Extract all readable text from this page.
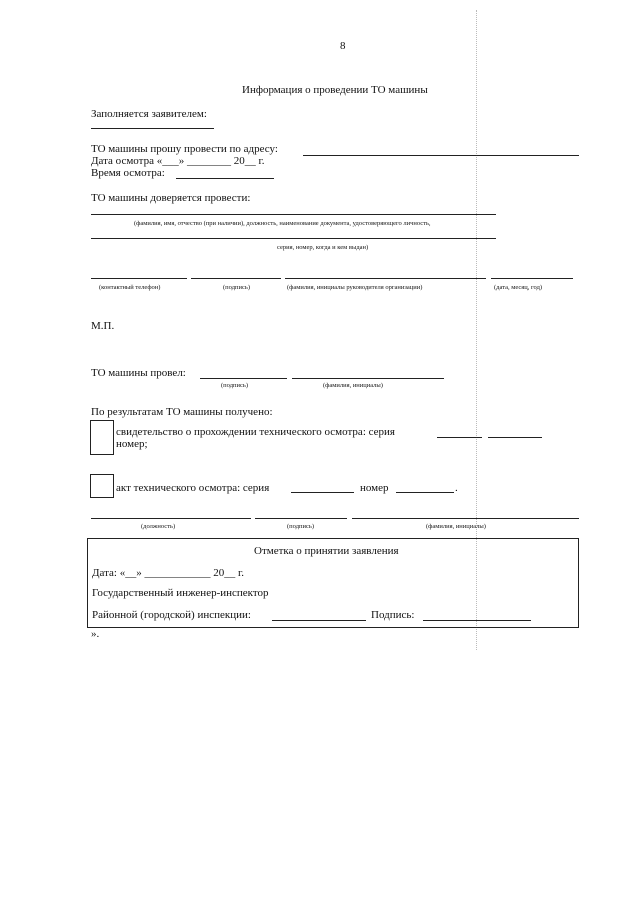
8
Информация о проведении ТО машины
Заполняется заявителем:
ТО машины прошу провести по адресу:
Дата осмотра «___» ________ 20__ г.
Время осмотра:
ТО машины доверяется провести:
(фамилия, имя, отчество (при наличии), должность, наименование документа, удостоверяющего личность,
серия, номер, когда и кем выдан)
(контактный телефон)	(подпись)	(фамилия, инициалы руководителя организации)	(дата, месяц, год)
М.П.
ТО машины провел:
(подпись)	(фамилия, инициалы)
По результатам ТО машины получено:
свидетельство о прохождении технического осмотра: серия
номер;
акт технического осмотра: серия	номер	.
(должность)	(подпись)	(фамилия, инициалы)
Отметка о принятии заявления
Дата: «__» ____________ 20__ г.
Государственный инженер-инспектор
Районной (городской) инспекции:	Подпись:
».
